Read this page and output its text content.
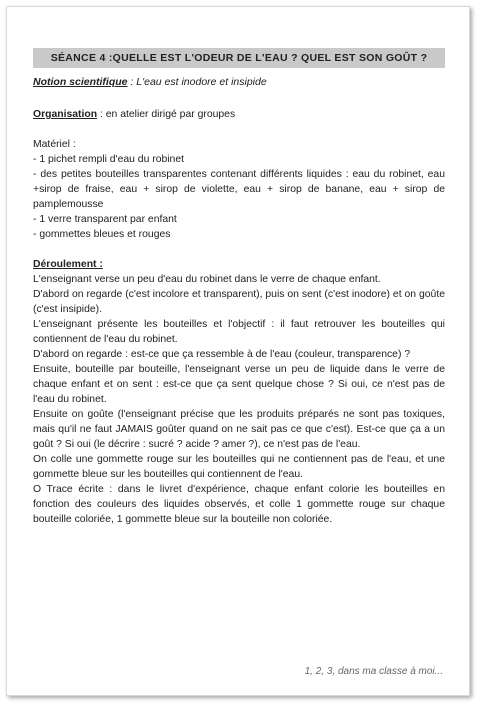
SÉANCE 4 :QUELLE EST L'ODEUR DE L'EAU ? QUEL EST SON GOÛT ?
Notion scientifique : L'eau est inodore et insipide

Organisation : en atelier dirigé par groupes

Matériel :

- 1 pichet rempli d'eau du robinet

- des petites bouteilles transparentes contenant différents liquides : eau du robinet, eau +sirop de fraise, eau + sirop de violette, eau + sirop de banane, eau + sirop de pamplemousse

- 1 verre transparent par enfant

- gommettes bleues et rouges

Déroulement :

L'enseignant verse un peu d'eau du robinet dans le verre de chaque enfant.

D'abord on regarde (c'est incolore et transparent), puis on sent (c'est inodore) et on goûte (c'est insipide).

L'enseignant présente les bouteilles et l'objectif : il faut retrouver les bouteilles qui contiennent de l'eau du robinet.

D'abord on regarde : est-ce que ça ressemble à de l'eau (couleur, transparence) ?

Ensuite, bouteille par bouteille, l'enseignant verse un peu de liquide dans le verre de chaque enfant et on sent : est-ce que ça sent quelque chose ? Si oui, ce n'est pas de l'eau du robinet.

Ensuite on goûte (l'enseignant précise que les produits préparés ne sont pas toxiques, mais qu'il ne faut JAMAIS goûter quand on ne sait pas ce que c'est). Est-ce que ça a un goût ? Si oui (le décrire : sucré ? acide ? amer ?), ce n'est pas de l'eau.

On colle une gommette rouge sur les bouteilles qui ne contiennent pas de l'eau, et une gommette bleue sur les bouteilles qui contiennent de l'eau.

O Trace écrite : dans le livret d'expérience, chaque enfant colorie les bouteilles en fonction des couleurs des liquides observés, et colle 1 gommette rouge sur chaque bouteille coloriée, 1 gommette bleue sur la bouteille non coloriée.

1, 2, 3, dans ma classe à moi...
